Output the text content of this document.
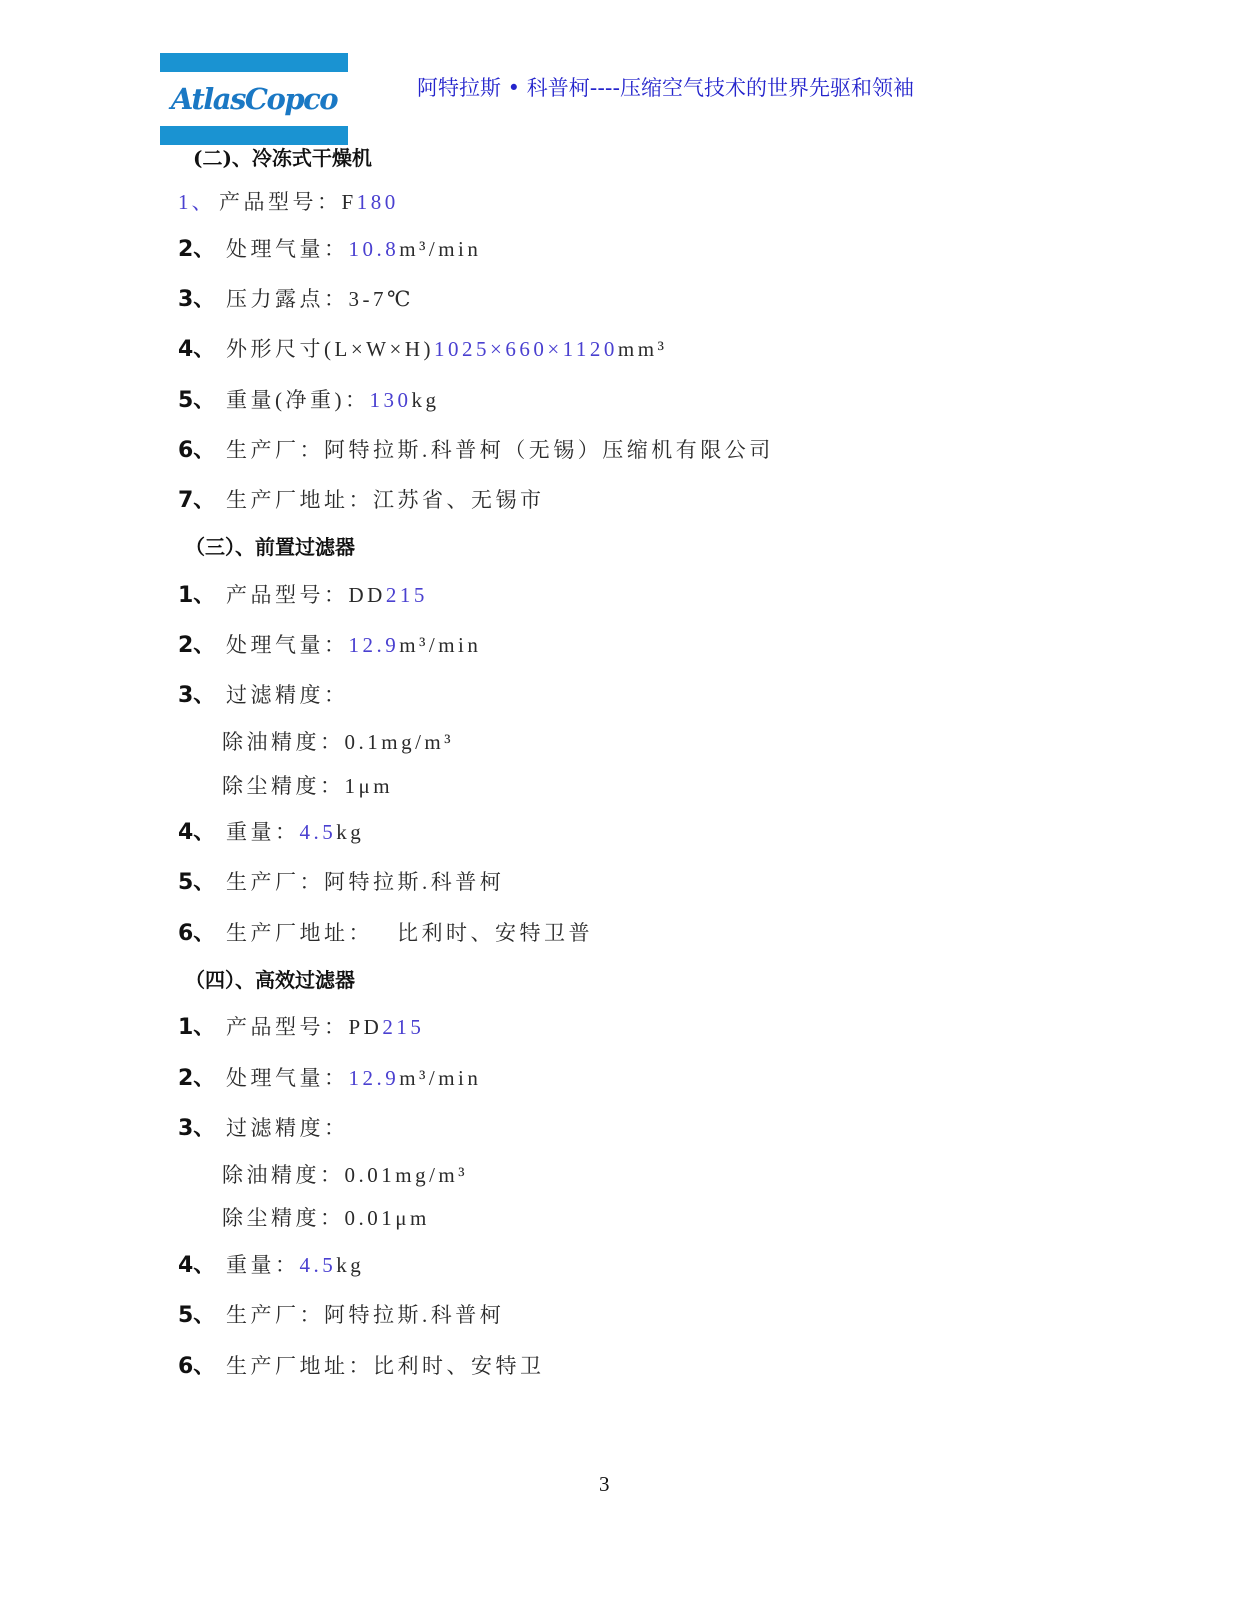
AtlasCopco	阿特拉斯 • 科普柯----压缩空气技术的世界先驱和领袖
(二)、冷冻式干燥机
1、 产品型号： F 180
2、 处理气量： 10.8 m³/min
3、 压力露点： 3-7℃
4、 外形尺寸(L×W×H) 1025×660×1120 mm³
5、 重量(净重)： 130 kg
6、 生产厂：阿特拉斯.科普柯（无锡）压缩机有限公司
7、 生产厂地址：江苏省、无锡市
（三）、前置过滤器
1、 产品型号： DD 215
2、 处理气量： 12.9 m³/min
3、 过滤精度：
除油精度： 0.1mg/m³
除尘精度： 1μm
4、 重量： 4.5 kg
5、 生产厂：阿特拉斯.科普柯
6、 生产厂地址： 比利时、安特卫普
（四）、高效过滤器
1、 产品型号： PD 215
2、 处理气量： 12.9 m³/min
3、 过滤精度：
除油精度： 0.01mg/m³
除尘精度： 0.01μm
4、 重量： 4.5 kg
5、 生产厂：阿特拉斯.科普柯
6、 生产厂地址：比利时、安特卫
3
